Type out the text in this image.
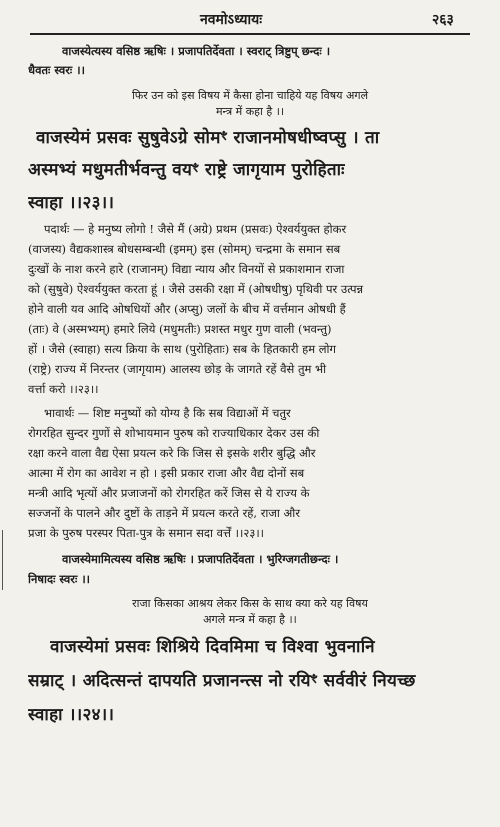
नवमोऽध्यायः	२६३
वाजस्येत्यस्य वसिष्ठ ऋषिः । प्रजापतिर्देवता । स्वराट् त्रिष्टुप् छन्दः ।
धैवतः स्वरः ।।
फिर उन को इस विषय में कैसा होना चाहिये यह विषय अगले
मन्त्र में कहा है ।।
वाजस्येमं प्रसवः सुषुवेऽग्रे सोमꣳ राजानमोषधीष्वप्सु । ता
अस्मभ्यं मधुमतीर्भवन्तु वयꣳ राष्ट्रे जागृयाम पुरोहिताः
स्वाहा ।।२३।।
पदार्थः — हे मनुष्य लोगो ! जैसे मैं (अग्रे) प्रथम (प्रसवः) ऐश्वर्ययुक्त होकर
(वाजस्य) वैद्यकशास्त्र बोधसम्बन्धी (इमम्) इस (सोमम्) चन्द्रमा के समान सब
दुःखों के नाश करने हारे (राजानम्) विद्या न्याय और विनयों से प्रकाशमान राजा
को (सुषुवे) ऐश्वर्ययुक्त करता हूं । जैसे उसकी रक्षा में (ओषधीषु) पृथिवी पर उत्पन्न
होने वाली यव आदि ओषधियों और (अप्सु) जलों के बीच में वर्त्तमान ओषधी हैं
(ताः) वे (अस्मभ्यम्) हमारे लिये (मधुमतीः) प्रशस्त मधुर गुण वाली (भवन्तु)
हों । जैसे (स्वाहा) सत्य क्रिया के साथ (पुरोहिताः) सब के हितकारी हम लोग
(राष्ट्रे) राज्य में निरन्तर (जागृयाम) आलस्य छोड़ के जागते रहें वैसे तुम भी
वर्त्ता करो ।।२३।।
भावार्थः — शिष्ट मनुष्यों को योग्य है कि सब विद्याओं में चतुर
रोगरहित सुन्दर गुणों से शोभायमान पुरुष को राज्याधिकार देकर उस की
रक्षा करने वाला वैद्य ऐसा प्रयत्न करे कि जिस से इसके शरीर बुद्धि और
आत्मा में रोग का आवेश न हो । इसी प्रकार राजा और वैद्य दोनों सब
मन्त्री आदि भृत्यों और प्रजाजनों को रोगरहित करें जिस से ये राज्य के
सज्जनों के पालने और दुष्टों के ताड़ने में प्रयत्न करते रहें, राजा और
प्रजा के पुरुष परस्पर पिता-पुत्र के समान सदा वर्त्तें ।।२३।।
वाजस्येमामित्यस्य वसिष्ठ ऋषिः । प्रजापतिर्देवता । भुरिग्जगतीछन्दः ।
निषादः स्वरः ।।
राजा किसका आश्रय लेकर किस के साथ क्या करे यह विषय
अगले मन्त्र में कहा है ।।
वाजस्येमां प्रसवः शिश्रिये दिवमिमा च विश्वा भुवनानि
सम्राट् । अदित्सन्तं दापयति प्रजानन्त्स नो रयिꣳ सर्ववीरं नियच्छ
स्वाहा ।।२४।।
